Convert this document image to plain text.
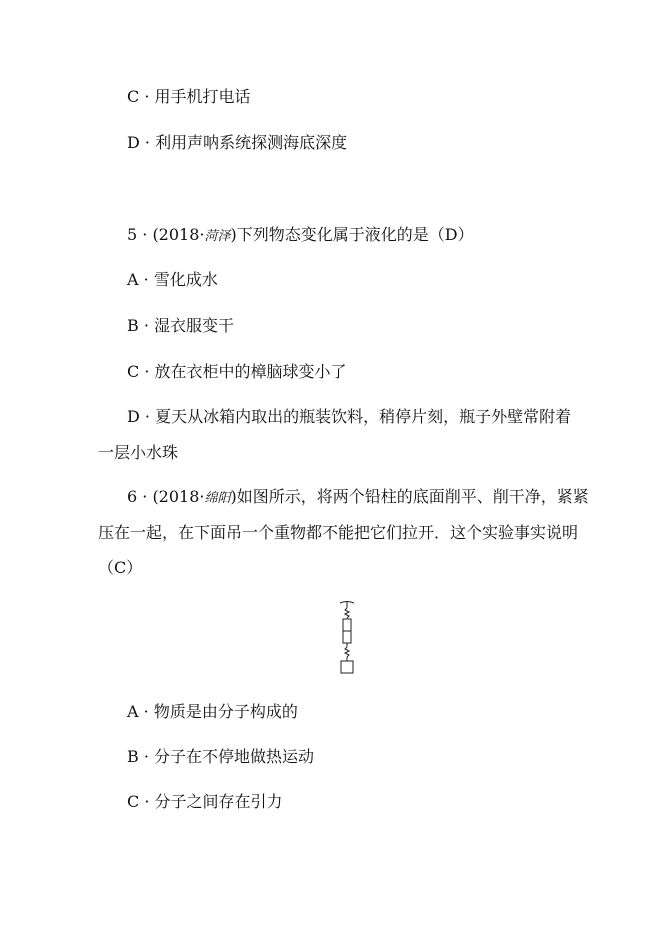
C · 用手机打电话
D · 利用声呐系统探测海底深度
5 · (2018·菏泽)下列物态变化属于液化的是（D）
A · 雪化成水
B · 湿衣服变干
C · 放在衣柜中的樟脑球变小了
D · 夏天从冰箱内取出的瓶装饮料，稍停片刻，瓶子外壁常附着
一层小水珠
6 · (2018·绵阳)如图所示，将两个铅柱的底面削平、削干净，紧紧
压在一起，在下面吊一个重物都不能把它们拉开．这个实验事实说明
（C）
A · 物质是由分子构成的
B · 分子在不停地做热运动
C · 分子之间存在引力
